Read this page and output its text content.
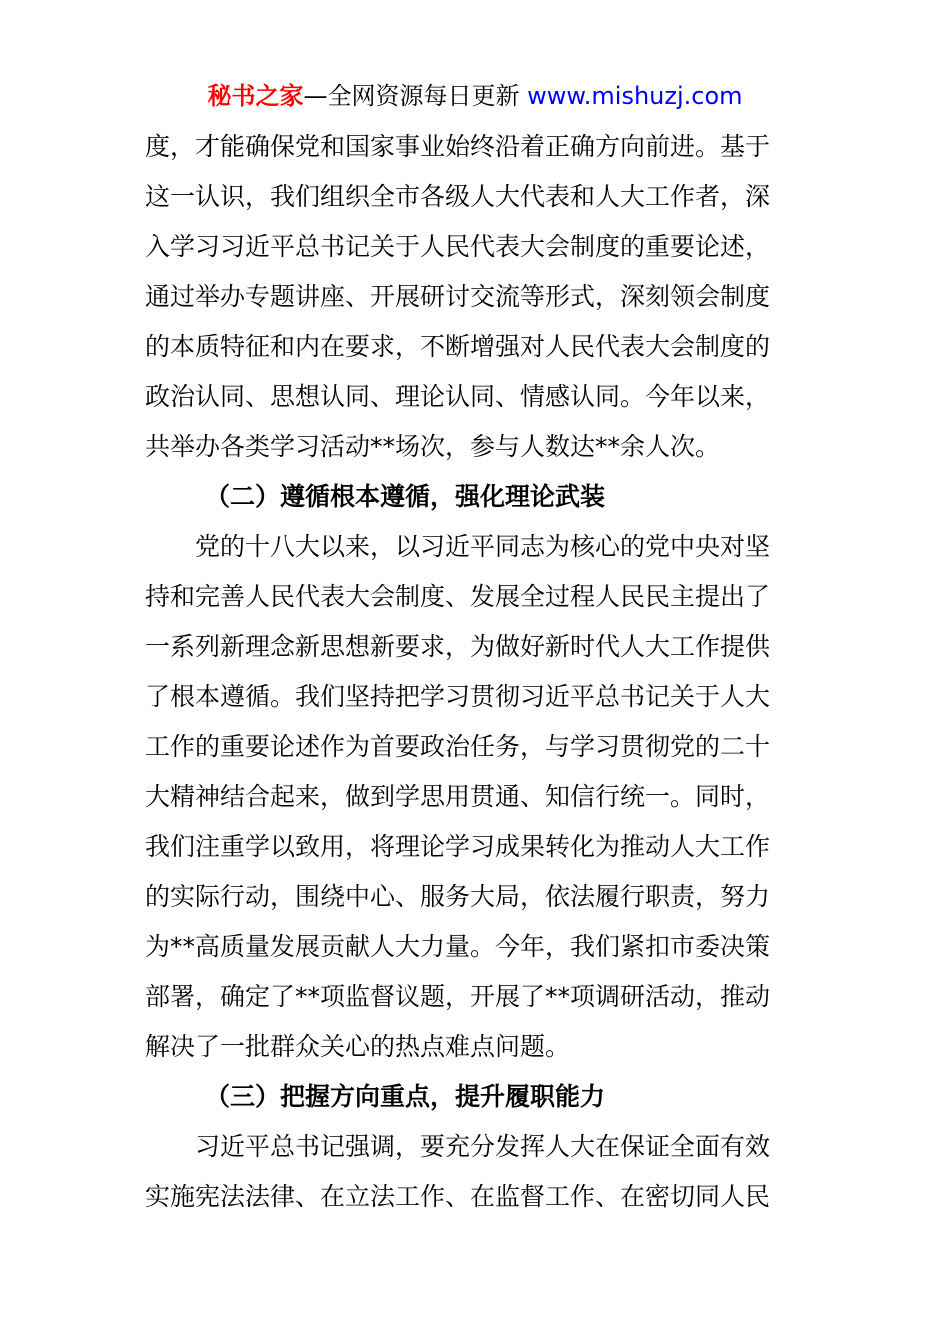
秘书之家—全网资源每日更新 www.mishuzj.com
度，才能确保党和国家事业始终沿着正确方向前进。基于
这一认识，我们组织全市各级人大代表和人大工作者，深
入学习习近平总书记关于人民代表大会制度的重要论述，
通过举办专题讲座、开展研讨交流等形式，深刻领会制度
的本质特征和内在要求，不断增强对人民代表大会制度的
政治认同、思想认同、理论认同、情感认同。今年以来，
共举办各类学习活动**场次，参与人数达**余人次。
（二）遵循根本遵循，强化理论武装
党的十八大以来，以习近平同志为核心的党中央对坚
持和完善人民代表大会制度、发展全过程人民民主提出了
一系列新理念新思想新要求，为做好新时代人大工作提供
了根本遵循。我们坚持把学习贯彻习近平总书记关于人大
工作的重要论述作为首要政治任务，与学习贯彻党的二十
大精神结合起来，做到学思用贯通、知信行统一。同时，
我们注重学以致用，将理论学习成果转化为推动人大工作
的实际行动，围绕中心、服务大局，依法履行职责，努力
为**高质量发展贡献人大力量。今年，我们紧扣市委决策
部署，确定了**项监督议题，开展了**项调研活动，推动
解决了一批群众关心的热点难点问题。
（三）把握方向重点，提升履职能力
习近平总书记强调，要充分发挥人大在保证全面有效
实施宪法法律、在立法工作、在监督工作、在密切同人民
